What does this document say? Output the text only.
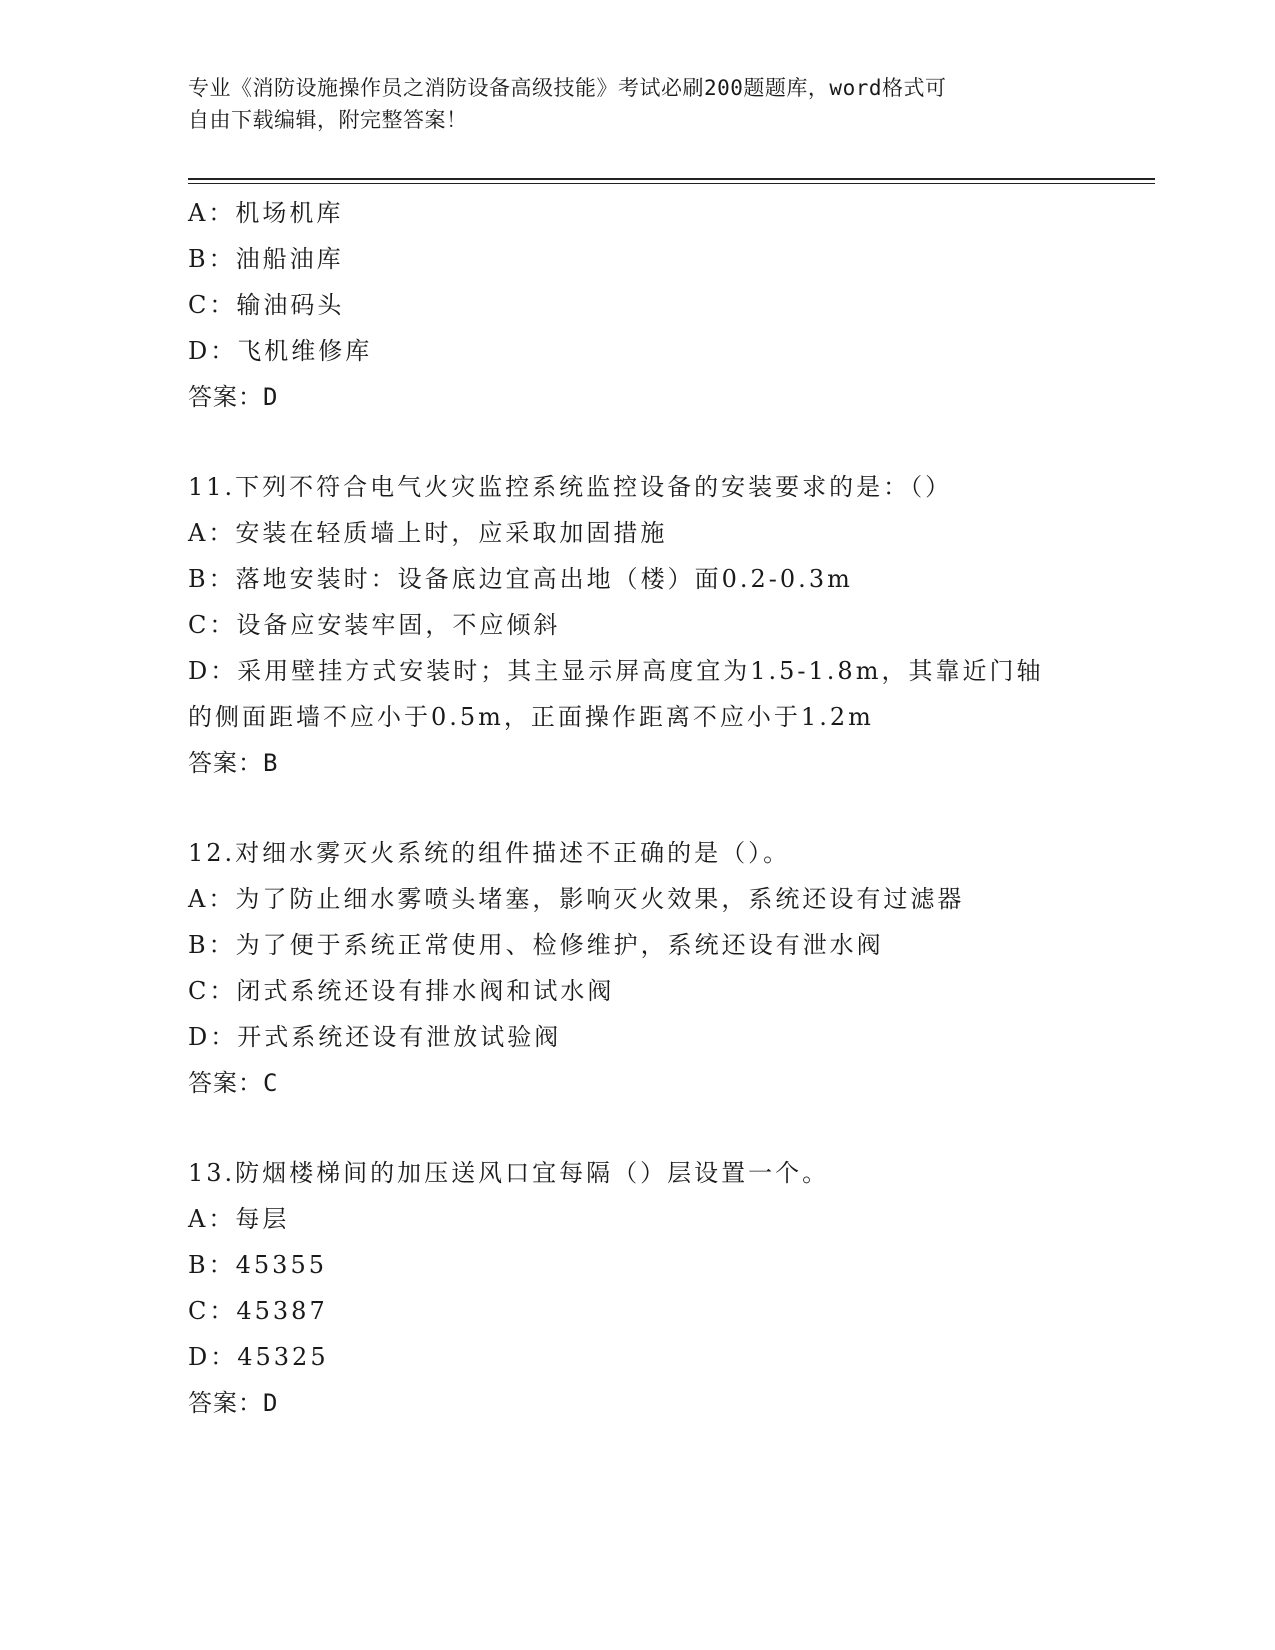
专业《消防设施操作员之消防设备高级技能》考试必刷200题题库，word格式可
自由下载编辑，附完整答案！
A：机场机库
B：油船油库
C：输油码头
D：飞机维修库
答案：D
11.下列不符合电气火灾监控系统监控设备的安装要求的是：（）
A：安装在轻质墙上时，应采取加固措施
B：落地安装时：设备底边宜高出地（楼）面0.2-0.3m
C：设备应安装牢固，不应倾斜
D：采用壁挂方式安装时；其主显示屏高度宜为1.5-1.8m，其靠近门轴
的侧面距墙不应小于0.5m，正面操作距离不应小于1.2m
答案：B
12.对细水雾灭火系统的组件描述不正确的是（）。
A：为了防止细水雾喷头堵塞，影响灭火效果，系统还设有过滤器
B：为了便于系统正常使用、检修维护，系统还设有泄水阀
C：闭式系统还设有排水阀和试水阀
D：开式系统还设有泄放试验阀
答案：C
13.防烟楼梯间的加压送风口宜每隔（）层设置一个。
A：每层
B：45355
C：45387
D：45325
答案：D
